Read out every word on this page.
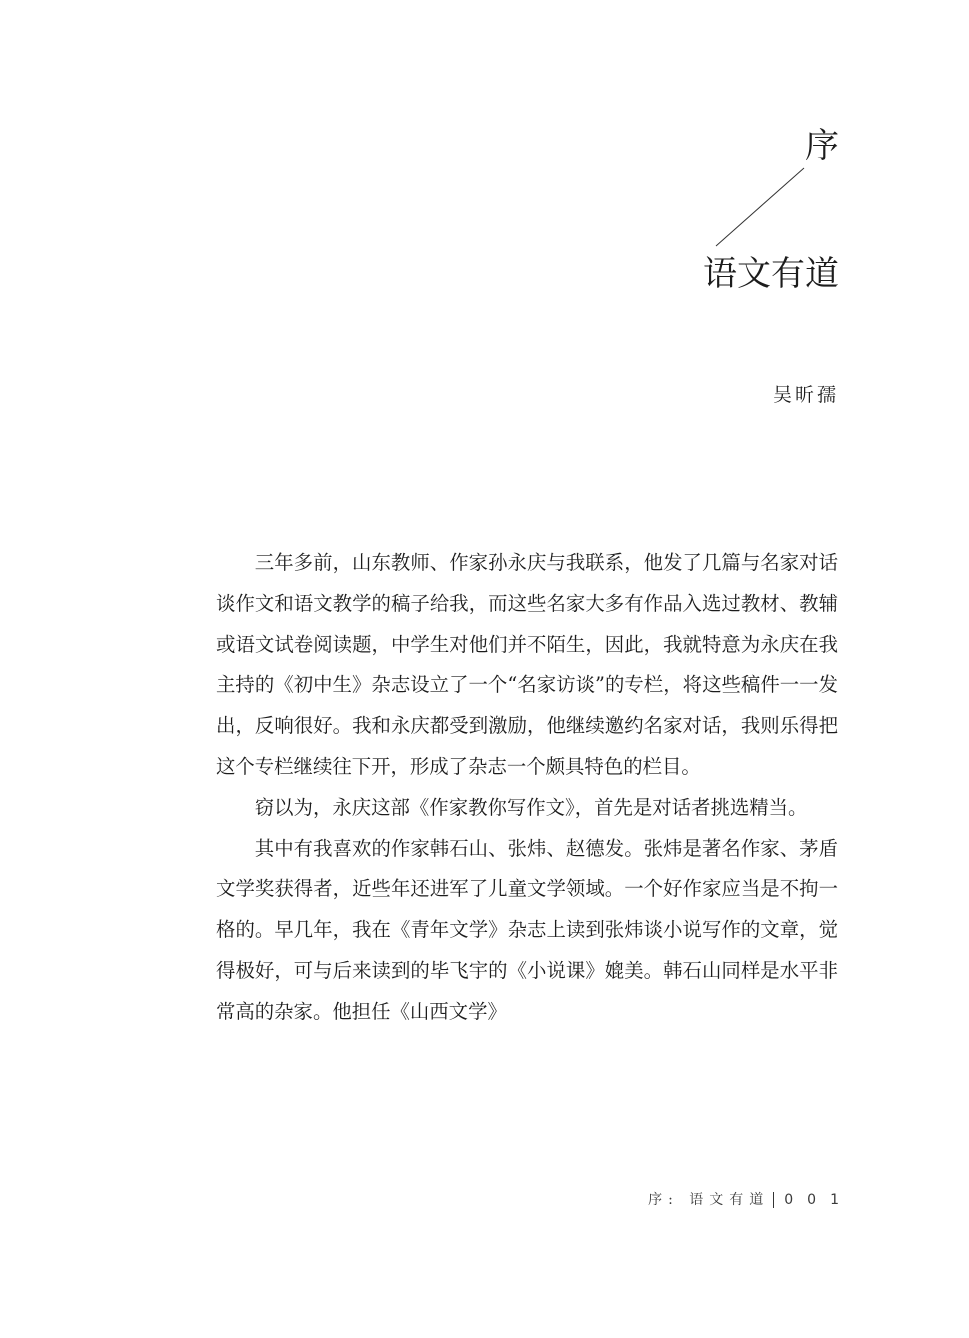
序
语文有道
吴昕孺

三年多前，山东教师、作家孙永庆与我联系，他发了几篇与名家对话谈作文和语文教学的稿子给我，而这些名家大多有作品入选过教材、教辅或语文试卷阅读题，中学生对他们并不陌生，因此，我就特意为永庆在我主持的《初中生》杂志设立了一个“名家访谈”的专栏，将这些稿件一一发出，反响很好。我和永庆都受到激励，他继续邀约名家对话，我则乐得把这个专栏继续往下开，形成了杂志一个颇具特色的栏目。

窃以为，永庆这部《作家教你写作文》，首先是对话者挑选精当。

其中有我喜欢的作家韩石山、张炜、赵德发。张炜是著名作家、茅盾文学奖获得者，近些年还进军了儿童文学领域。一个好作家应当是不拘一格的。早几年，我在《青年文学》杂志上读到张炜谈小说写作的文章，觉得极好，可与后来读到的毕飞宇的《小说课》媲美。韩石山同样是水平非常高的杂家。他担任《山西文学》

序: 语文有道 001
